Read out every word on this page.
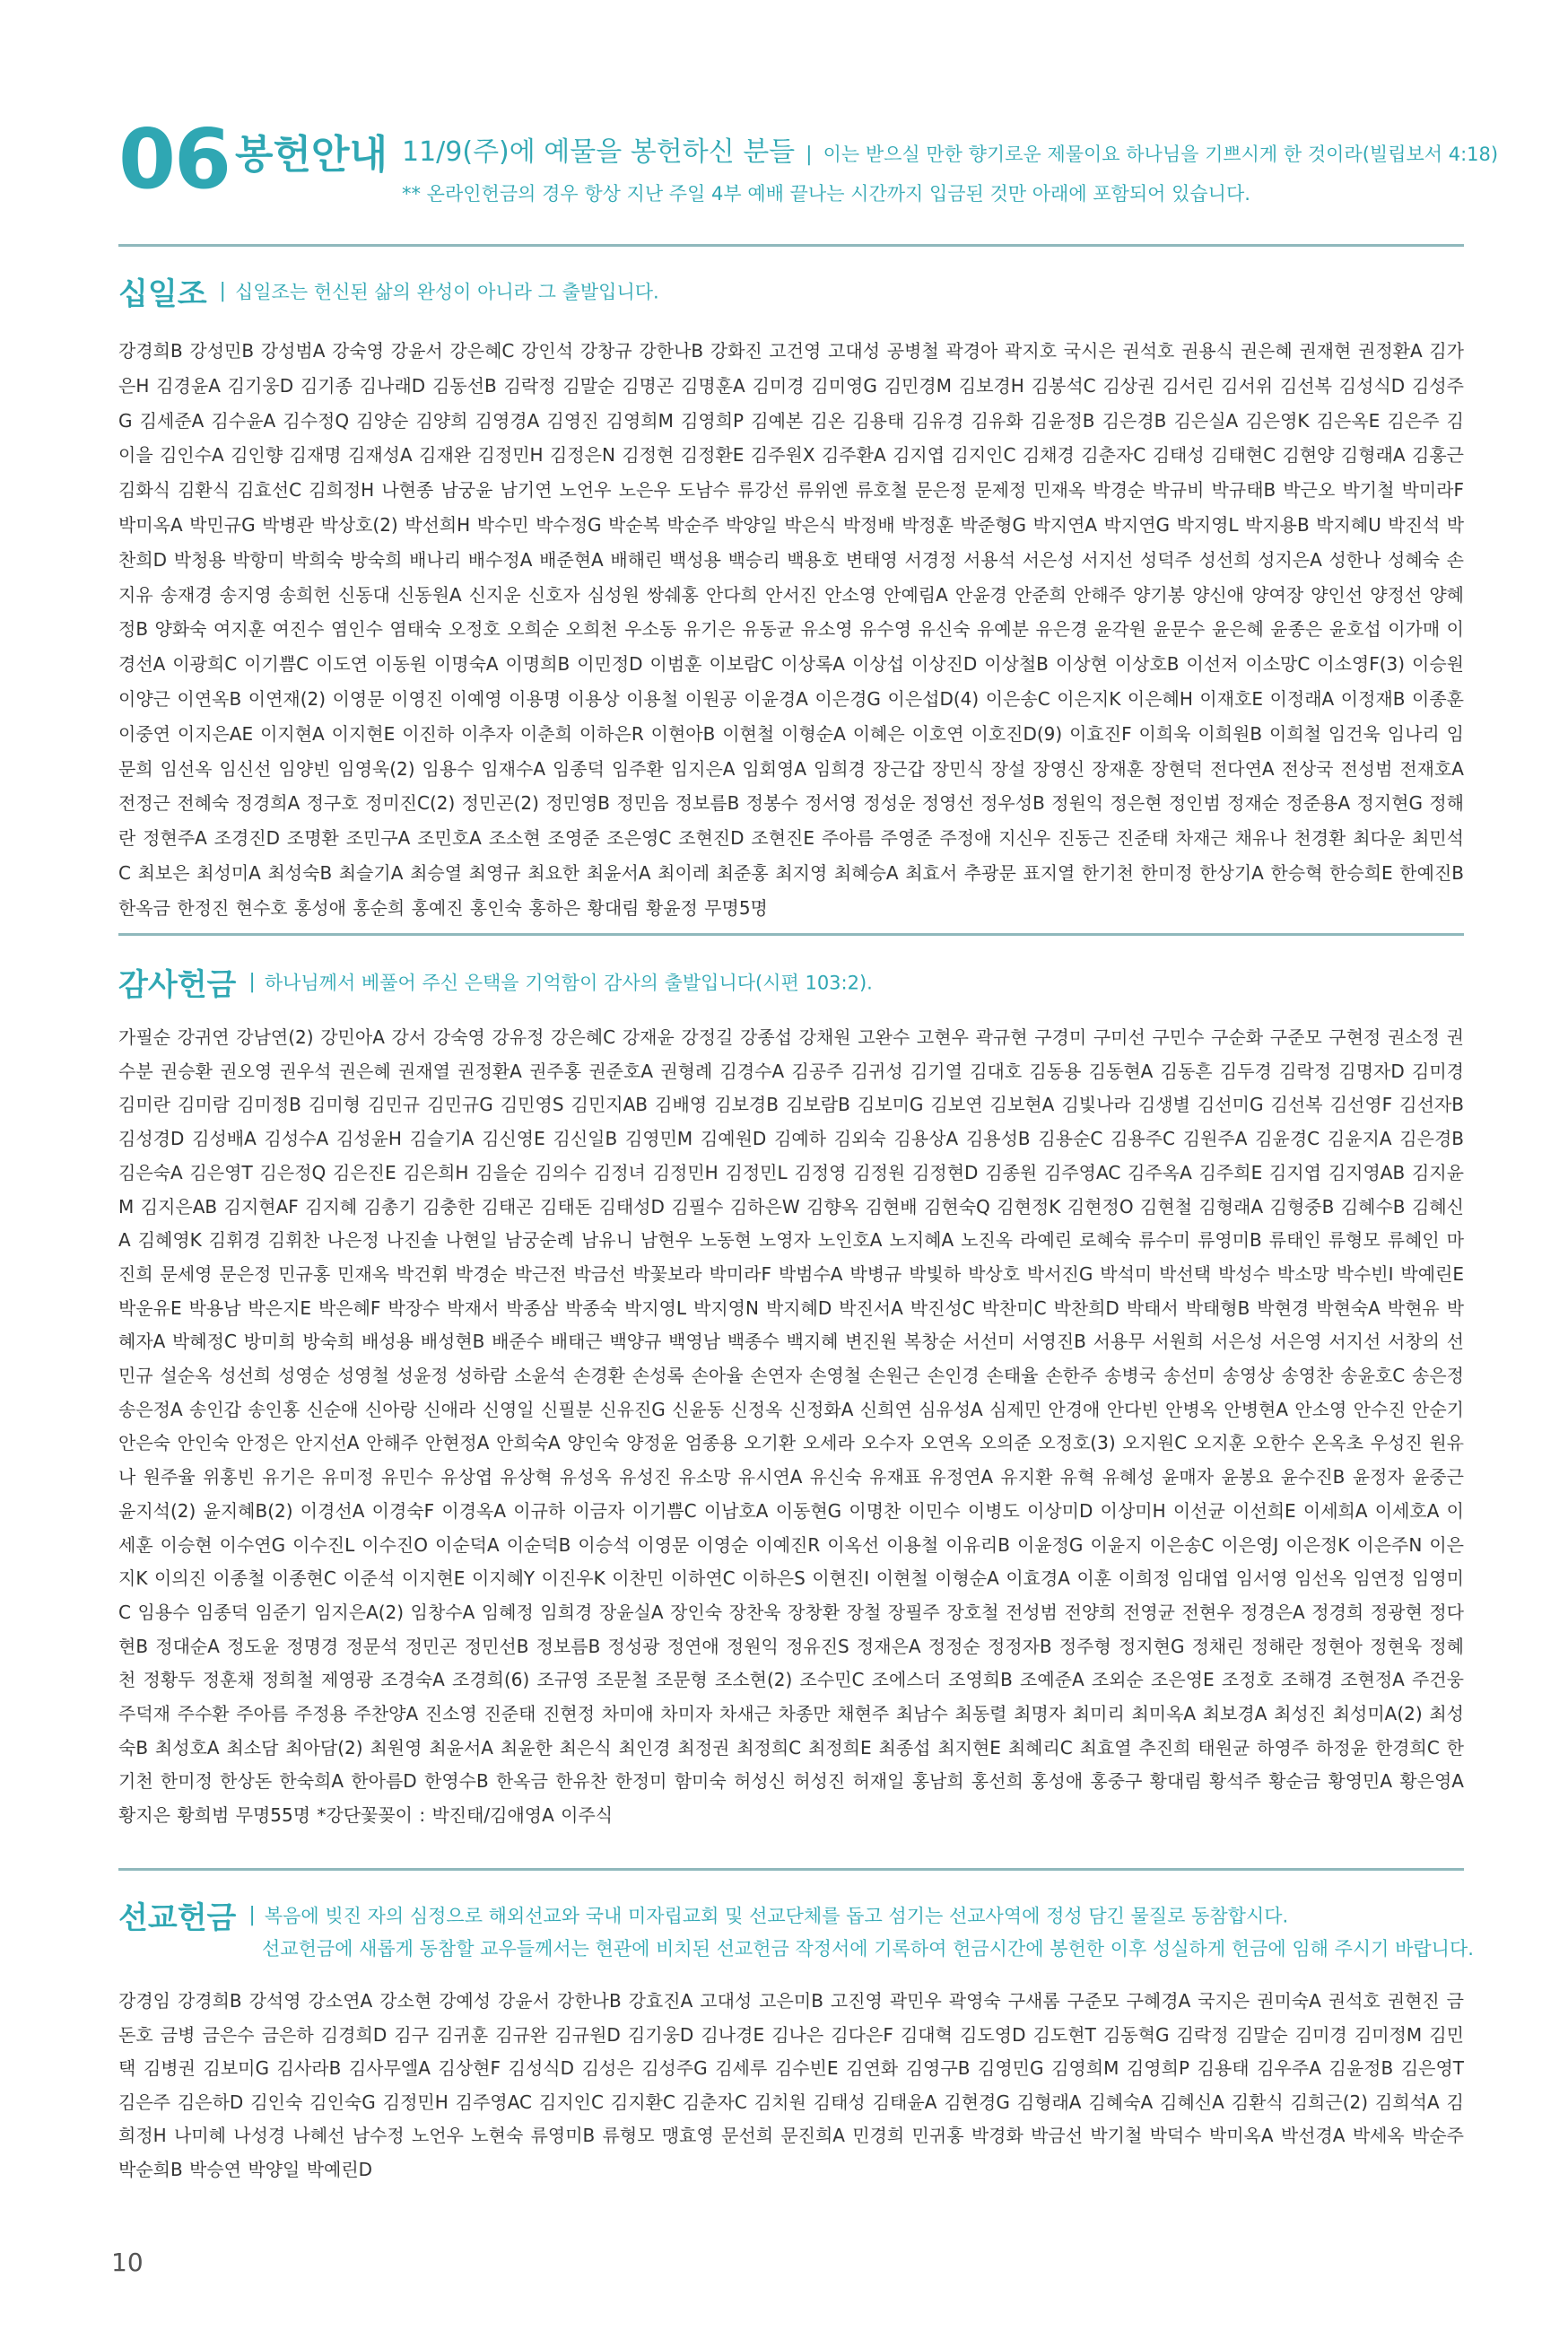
06 봉헌안내 11/9(주)에 예물을 봉헌하신 분들 | 이는 받으실 만한 향기로운 제물이요 하나님을 기쁘시게 한 것이라(빌립보서 4:18)
** 온라인헌금의 경우 항상 지난 주일 4부 예배 끝나는 시간까지 입금된 것만 아래에 포함되어 있습니다.
십일조 | 십일조는 헌신된 삶의 완성이 아니라 그 출발입니다.

강경희B 강성민B 강성범A 강숙영 강윤서 강은혜C 강인석 강창규 강한나B 강화진 고건영 고대성 공병철 곽경아 곽지호 국시은 권석호 권용식 권은혜 권재현 권정환A 김가은H 김경윤A 김기웅D 김기종 김나래D 김동선B 김락정 김말순 김명곤 김명훈A 김미경 김미영G 김민경M 김보경H 김봉석C 김상권 김서린 김서위 김선복 김성식D 김성주G 김세준A 김수윤A 김수정Q 김양순 김양희 김영경A 김영진 김영희M 김영희P 김예본 김온 김용태 김유경 김유화 김윤정B 김은경B 김은실A 김은영K 김은옥E 김은주 김이을 김인수A 김인향 김재명 김재성A 김재완 김정민H 김정은N 김정현 김정환E 김주원X 김주환A 김지엽 김지인C 김채경 김춘자C 김태성 김태현C 김현양 김형래A 김홍근 김화식 김환식 김효선C 김희정H 나현종 남궁윤 남기연 노언우 노은우 도남수 류강선 류위엔 류호철 문은정 문제정 민재옥 박경순 박규비 박규태B 박근오 박기철 박미라F 박미옥A 박민규G 박병관 박상호(2) 박선희H 박수민 박수정G 박순복 박순주 박양일 박은식 박정배 박정훈 박준형G 박지연A 박지연G 박지영L 박지용B 박지혜U 박진석 박찬희D 박청용 박항미 박희숙 방숙희 배나리 배수정A 배준현A 배해린 백성용 백승리 백용호 변태영 서경정 서용석 서은성 서지선 성덕주 성선희 성지은A 성한나 성혜숙 손지유 송재경 송지영 송희헌 신동대 신동원A 신지운 신호자 심성원 쌍쉐홍 안다희 안서진 안소영 안예림A 안윤경 안준희 안해주 양기봉 양신애 양여장 양인선 양정선 양혜정B 양화숙 여지훈 여진수 염인수 염태숙 오정호 오희순 오희천 우소동 유기은 유동균 유소영 유수영 유신숙 유예분 유은경 윤각원 윤문수 윤은혜 윤종은 윤호섭 이가매 이경선A 이광희C 이기쁨C 이도연 이동원 이명숙A 이명희B 이민정D 이범훈 이보람C 이상록A 이상섭 이상진D 이상철B 이상현 이상호B 이선저 이소망C 이소영F(3) 이승원 이양근 이연옥B 이연재(2) 이영문 이영진 이예영 이용명 이용상 이용철 이원공 이윤경A 이은경G 이은섭D(4) 이은송C 이은지K 이은혜H 이재호E 이정래A 이정재B 이종훈 이중연 이지은AE 이지현A 이지현E 이진하 이추자 이춘희 이하은R 이현아B 이현철 이형순A 이혜은 이호연 이호진D(9) 이효진F 이희욱 이희원B 이희철 임건욱 임나리 임문희 임선옥 임신선 임양빈 임영욱(2) 임용수 임재수A 임종덕 임주환 임지은A 임회영A 임희경 장근갑 장민식 장설 장영신 장재훈 장현덕 전다연A 전상국 전성범 전재호A 전정근 전혜숙 정경희A 정구호 정미진C(2) 정민곤(2) 정민영B 정민음 정보름B 정봉수 정서영 정성운 정영선 정우성B 정원익 정은현 정인범 정재순 정준용A 정지현G 정해란 정현주A 조경진D 조명환 조민구A 조민호A 조소현 조영준 조은영C 조현진D 조현진E 주아름 주영준 주정애 지신우 진동근 진준태 차재근 채유나 천경환 최다운 최민석C 최보은 최성미A 최성숙B 최슬기A 최승열 최영규 최요한 최윤서A 최이레 최준홍 최지영 최혜승A 최효서 추광문 표지열 한기천 한미정 한상기A 한승혁 한승희E 한예진B 한옥금 한정진 현수호 홍성애 홍순희 홍예진 홍인숙 홍하은 황대림 황윤정 무명5명

감사헌금 | 하나님께서 베풀어 주신 은택을 기억함이 감사의 출발입니다(시편 103:2).

가필순 강귀연 강남연(2) 강민아A 강서 강숙영 강유정 강은혜C 강재윤 강정길 강종섭 강채원 고완수 고현우 곽규현 구경미 구미선 구민수 구순화 구준모 구현정 권소정 권수분 권승환 권오영 권우석 권은혜 권재열 권정환A 권주홍 권준호A 권형례 김경수A 김공주 김귀성 김기열 김대호 김동용 김동현A 김동흔 김두경 김락정 김명자D 김미경 김미란 김미람 김미정B 김미형 김민규 김민규G 김민영S 김민지AB 김배영 김보경B 김보람B 김보미G 김보연 김보현A 김빛나라 김생별 김선미G 김선복 김선영F 김선자B 김성경D 김성배A 김성수A 김성윤H 김슬기A 김신영E 김신일B 김영민M 김예원D 김예하 김외숙 김용상A 김용성B 김용순C 김용주C 김원주A 김윤경C 김윤지A 김은경B 김은숙A 김은영T 김은정Q 김은진E 김은희H 김을순 김의수 김정녀 김정민H 김정민L 김정영 김정원 김정현D 김종원 김주영AC 김주옥A 김주희E 김지엽 김지영AB 김지윤M 김지은AB 김지현AF 김지혜 김총기 김충한 김태곤 김태돈 김태성D 김필수 김하은W 김향옥 김현배 김현숙Q 김현정K 김현정O 김현철 김형래A 김형중B 김혜수B 김혜신A 김혜영K 김휘경 김휘찬 나은정 나진솔 나현일 남궁순례 남유니 남현우 노동현 노영자 노인호A 노지혜A 노진옥 라예린 로혜숙 류수미 류영미B 류태인 류형모 류혜인 마진희 문세영 문은정 민규홍 민재옥 박건휘 박경순 박근전 박금선 박꽃보라 박미라F 박범수A 박병규 박빛하 박상호 박서진G 박석미 박선택 박성수 박소망 박수빈I 박예린E 박운유E 박용남 박은지E 박은혜F 박장수 박재서 박종삼 박종숙 박지영L 박지영N 박지혜D 박진서A 박진성C 박찬미C 박찬희D 박태서 박태형B 박현경 박현숙A 박현유 박혜자A 박혜정C 방미희 방숙희 배성용 배성현B 배준수 배태근 백양규 백영남 백종수 백지혜 변진원 복창순 서선미 서영진B 서용무 서원희 서은성 서은영 서지선 서창의 선민규 설순옥 성선희 성영순 성영철 성윤정 성하람 소윤석 손경환 손성록 손아율 손연자 손영철 손원근 손인경 손태율 손한주 송병국 송선미 송영상 송영찬 송윤호C 송은정 송은정A 송인갑 송인홍 신순애 신아랑 신애라 신영일 신필분 신유진G 신윤동 신정옥 신정화A 신희연 심유성A 심제민 안경애 안다빈 안병옥 안병현A 안소영 안수진 안순기 안은숙 안인숙 안정은 안지선A 안해주 안현정A 안희숙A 양인숙 양정윤 엄종용 오기환 오세라 오수자 오연옥 오의준 오정호(3) 오지원C 오지훈 오한수 온옥초 우성진 원유나 원주율 위홍빈 유기은 유미정 유민수 유상엽 유상혁 유성옥 유성진 유소망 유시연A 유신숙 유재표 유정연A 유지환 유혁 유혜성 윤매자 윤봉요 윤수진B 윤정자 윤중근 윤지석(2) 윤지혜B(2) 이경선A 이경숙F 이경옥A 이규하 이금자 이기쁨C 이남호A 이동현G 이명찬 이민수 이병도 이상미D 이상미H 이선균 이선희E 이세희A 이세호A 이세훈 이승현 이수연G 이수진L 이수진O 이순덕A 이순덕B 이승석 이영문 이영순 이예진R 이옥선 이용철 이유리B 이윤정G 이윤지 이은송C 이은영J 이은정K 이은주N 이은지K 이의진 이종철 이종현C 이준석 이지현E 이지혜Y 이진우K 이찬민 이하연C 이하은S 이현진I 이현철 이형순A 이효경A 이훈 이희정 임대엽 임서영 임선옥 임연정 임영미C 임용수 임종덕 임준기 임지은A(2) 임창수A 임혜정 임희경 장윤실A 장인숙 장찬욱 장창환 장철 장필주 장호철 전성범 전양희 전영균 전현우 정경은A 정경희 정광현 정다현B 정대순A 정도윤 정명경 정문석 정민곤 정민선B 정보름B 정성광 정연애 정원익 정유진S 정재은A 정정순 정정자B 정주형 정지현G 정채린 정해란 정현아 정현욱 정혜천 정황두 정훈채 정희철 제영광 조경숙A 조경희(6) 조규영 조문철 조문형 조소현(2) 조수민C 조에스더 조영희B 조예준A 조외순 조은영E 조정호 조해경 조현정A 주건웅 주덕재 주수환 주아름 주정용 주찬양A 진소영 진준태 진현정 차미애 차미자 차새근 차종만 채현주 최남수 최동렬 최명자 최미리 최미옥A 최보경A 최성진 최성미A(2) 최성숙B 최성호A 최소담 최아담(2) 최원영 최윤서A 최윤한 최은식 최인경 최정권 최정희C 최정희E 최종섭 최지현E 최혜리C 최효열 추진희 태원균 하영주 하정윤 한경희C 한기천 한미정 한상돈 한숙희A 한아름D 한영수B 한옥금 한유찬 한정미 함미숙 허성신 허성진 허재일 홍남희 홍선희 홍성애 홍중구 황대림 황석주 황순금 황영민A 황은영A 황지은 황희범 무명55명 *강단꽃꽂이 : 박진태/김애영A 이주식

선교헌금 | 복음에 빚진 자의 심정으로 해외선교와 국내 미자립교회 및 선교단체를 돕고 섬기는 선교사역에 정성 담긴 물질로 동참합시다.
선교헌금에 새롭게 동참할 교우들께서는 현관에 비치된 선교헌금 작정서에 기록하여 헌금시간에 봉헌한 이후 성실하게 헌금에 임해 주시기 바랍니다.

강경임 강경희B 강석영 강소연A 강소현 강예성 강윤서 강한나B 강효진A 고대성 고은미B 고진영 곽민우 곽영숙 구새롬 구준모 구혜경A 국지은 권미숙A 권석호 권현진 금돈호 금병 금은수 금은하 김경희D 김구 김귀훈 김규완 김규원D 김기웅D 김나경E 김나은 김다은F 김대혁 김도영D 김도현T 김동혁G 김락정 김말순 김미경 김미정M 김민택 김병권 김보미G 김사라B 김사무엘A 김상현F 김성식D 김성은 김성주G 김세루 김수빈E 김연화 김영구B 김영민G 김영희M 김영희P 김용태 김우주A 김윤정B 김은영T 김은주 김은하D 김인숙 김인숙G 김정민H 김주영AC 김지인C 김지환C 김춘자C 김치원 김태성 김태윤A 김현경G 김형래A 김혜숙A 김혜신A 김환식 김희근(2) 김희석A 김희정H 나미혜 나성경 나혜선 남수정 노언우 노현숙 류영미B 류형모 맹효영 문선희 문진희A 민경희 민귀홍 박경화 박금선 박기철 박덕수 박미옥A 박선경A 박세옥 박순주 박순희B 박승연 박양일 박예린D

10
